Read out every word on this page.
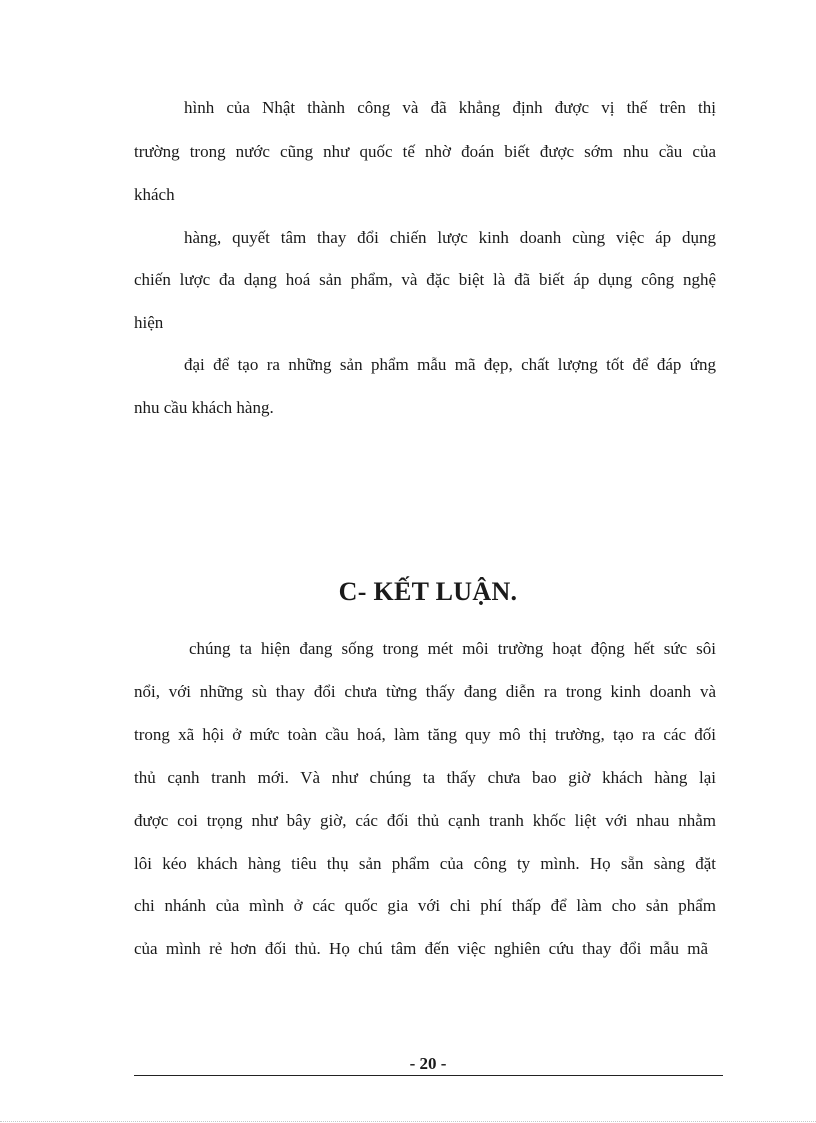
hình của Nhật thành công và đã khẳng định được vị thế trên thị
trường trong nước cũng như quốc tế nhờ đoán biết được sớm nhu cầu của
khách
hàng, quyết tâm thay đổi chiến lược kinh doanh cùng việc áp dụng
chiến lược đa dạng hoá sản phẩm, và đặc biệt là đã biết áp dụng công nghệ
hiện
đại để tạo ra những sản phẩm mẫu mã đẹp, chất lượng tốt để đáp ứng
nhu cầu khách hàng.
C- KẾT LUẬN.
chúng ta hiện đang sống trong mét môi trường hoạt động hết sức sôi
nổi, với những sù thay đổi chưa từng thấy đang diễn ra trong kinh doanh và
trong xã hội ở mức toàn cầu hoá, làm tăng quy mô thị trường, tạo ra các đối
thủ cạnh tranh mới. Và như chúng ta thấy chưa bao giờ khách hàng lại
được coi trọng như bây giờ, các đối thủ cạnh tranh khốc liệt với nhau nhằm
lôi kéo khách hàng tiêu thụ sản phẩm của công ty mình. Họ sẵn sàng đặt
chi nhánh của mình ở các quốc gia với chi phí thấp để làm cho sản phẩm
của mình rẻ hơn đối thủ. Họ chú tâm đến việc nghiên cứu thay đổi mẫu mã
- 20 -
